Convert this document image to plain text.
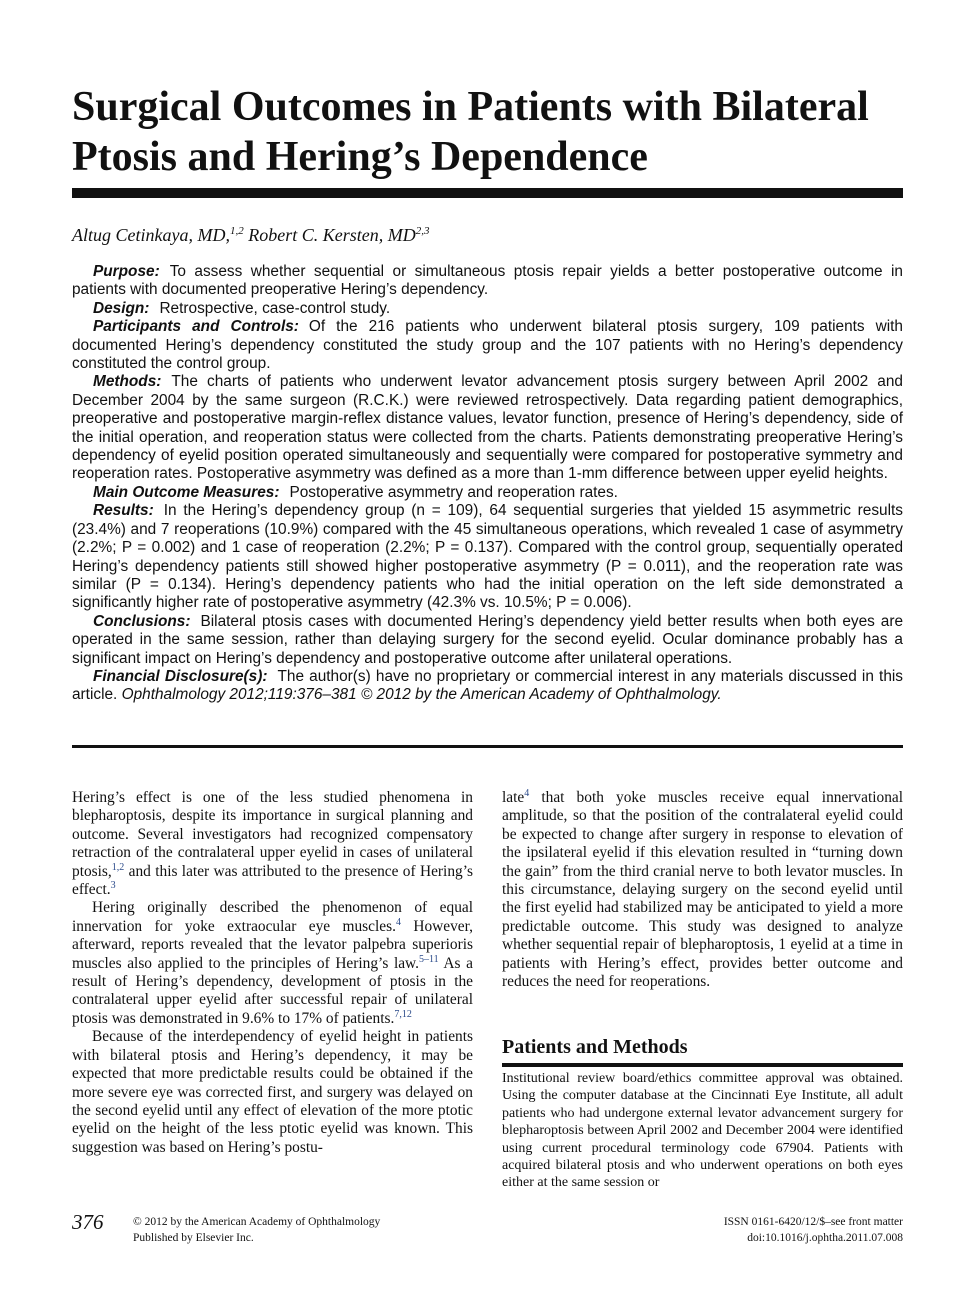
Surgical Outcomes in Patients with Bilateral
Ptosis and Hering’s Dependence
Altug Cetinkaya, MD,$^{1,2}$ Robert C. Kersten, MD$^{2,3}$

Purpose: To assess whether sequential or simultaneous ptosis repair yields a better postoperative outcome in patients with documented preoperative Hering’s dependency.

Design: Retrospective, case-control study.

Participants and Controls: Of the 216 patients who underwent bilateral ptosis surgery, 109 patients with documented Hering’s dependency constituted the study group and the 107 patients with no Hering’s dependency constituted the control group.

Methods: The charts of patients who underwent levator advancement ptosis surgery between April 2002 and December 2004 by the same surgeon (R.C.K.) were reviewed retrospectively. Data regarding patient demographics, preoperative and postoperative margin-reflex distance values, levator function, presence of Hering’s dependency, side of the initial operation, and reoperation status were collected from the charts. Patients demonstrating preoperative Hering’s dependency of eyelid position operated simultaneously and sequentially were compared for postoperative symmetry and reoperation rates. Postoperative asymmetry was defined as a more than 1-mm difference between upper eyelid heights.

Main Outcome Measures: Postoperative asymmetry and reoperation rates.

Results: In the Hering’s dependency group (n = 109), 64 sequential surgeries that yielded 15 asymmetric results (23.4%) and 7 reoperations (10.9%) compared with the 45 simultaneous operations, which revealed 1 case of asymmetry (2.2%; P = 0.002) and 1 case of reoperation (2.2%; P = 0.137). Compared with the control group, sequentially operated Hering’s dependency patients still showed higher postoperative asymmetry (P = 0.011), and the reoperation rate was similar (P = 0.134). Hering’s dependency patients who had the initial operation on the left side demonstrated a significantly higher rate of postoperative asymmetry (42.3% vs. 10.5%; P = 0.006).

Conclusions: Bilateral ptosis cases with documented Hering’s dependency yield better results when both eyes are operated in the same session, rather than delaying surgery for the second eyelid. Ocular dominance probably has a significant impact on Hering’s dependency and postoperative outcome after unilateral operations.

Financial Disclosure(s): The author(s) have no proprietary or commercial interest in any materials discussed in this article. Ophthalmology 2012;119:376–381 © 2012 by the American Academy of Ophthalmology.

Hering’s effect is one of the less studied phenomena in blepharoptosis, despite its importance in surgical planning and outcome. Several investigators had recognized compensatory retraction of the contralateral upper eyelid in cases of unilateral ptosis,$^{1,2}$ and this later was attributed to the presence of Hering’s effect.$^3$

Hering originally described the phenomenon of equal innervation for yoke extraocular eye muscles.$^4$ However, afterward, reports revealed that the levator palpebra superioris muscles also applied to the principles of Hering’s law.$^{5-11}$ As a result of Hering’s dependency, development of ptosis in the contralateral upper eyelid after successful repair of unilateral ptosis was demonstrated in 9.6% to 17% of patients.$^{7,12}$

Because of the interdependency of eyelid height in patients with bilateral ptosis and Hering’s dependency, it may be expected that more predictable results could be obtained if the more severe eye was corrected first, and surgery was delayed on the second eyelid until any effect of elevation of the more ptotic eyelid on the height of the less ptotic eyelid was known. This suggestion was based on Hering’s postu-

late$^4$ that both yoke muscles receive equal innervational amplitude, so that the position of the contralateral eyelid could be expected to change after surgery in response to elevation of the ipsilateral eyelid if this elevation resulted in “turning down the gain” from the third cranial nerve to both levator muscles. In this circumstance, delaying surgery on the second eyelid until the first eyelid had stabilized may be anticipated to yield a more predictable outcome. This study was designed to analyze whether sequential repair of blepharoptosis, 1 eyelid at a time in patients with Hering’s effect, provides better outcome and reduces the need for reoperations.

Patients and Methods

Institutional review board/ethics committee approval was obtained. Using the computer database at the Cincinnati Eye Institute, all adult patients who had undergone external levator advancement surgery for blepharoptosis between April 2002 and December 2004 were identified using current procedural terminology code 67904. Patients with acquired bilateral ptosis and who underwent operations on both eyes either at the same session or

376	© 2012 by the American Academy of Ophthalmology
Published by Elsevier Inc.
ISSN 0161-6420/12/$–see front matter
doi:10.1016/j.ophtha.2011.07.008
